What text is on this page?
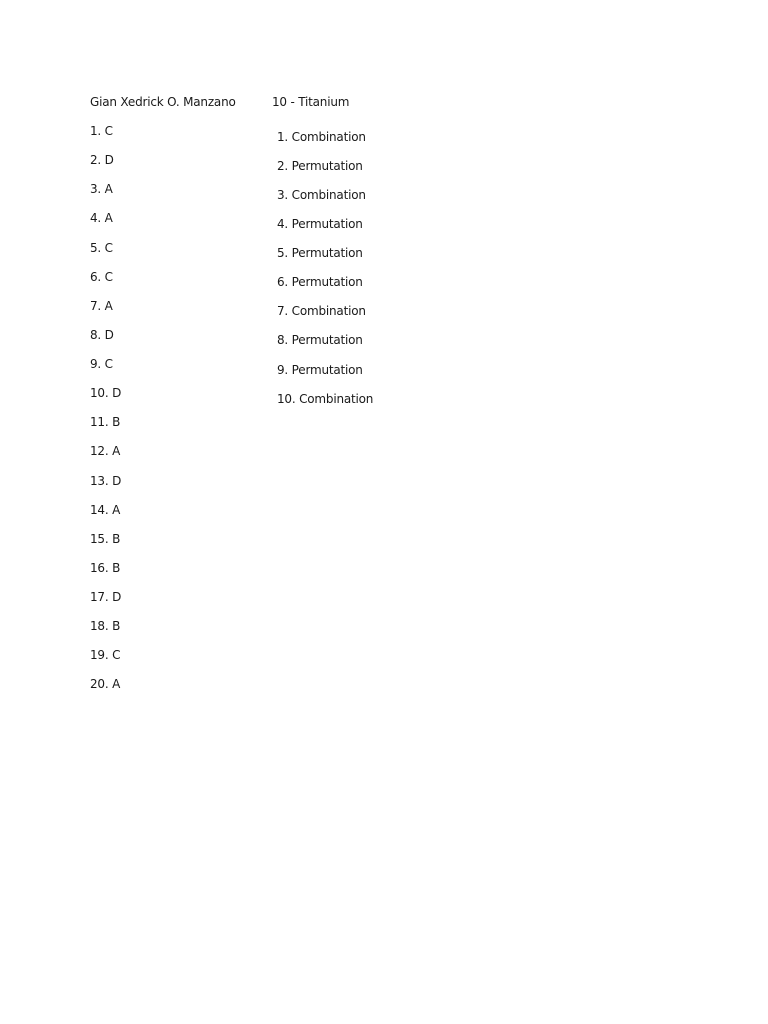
Gian Xedrick O. Manzano	10 - Titanium
1. C
2. D
3. A
4. A
5. C
6. C
7. A
8. D
9. C
10. D
11. B
12. A
13. D
14. A
15. B
16. B
17. D
18. B
19. C
20. A
1. Combination
2. Permutation
3. Combination
4. Permutation
5. Permutation
6. Permutation
7. Combination
8. Permutation
9. Permutation
10. Combination
